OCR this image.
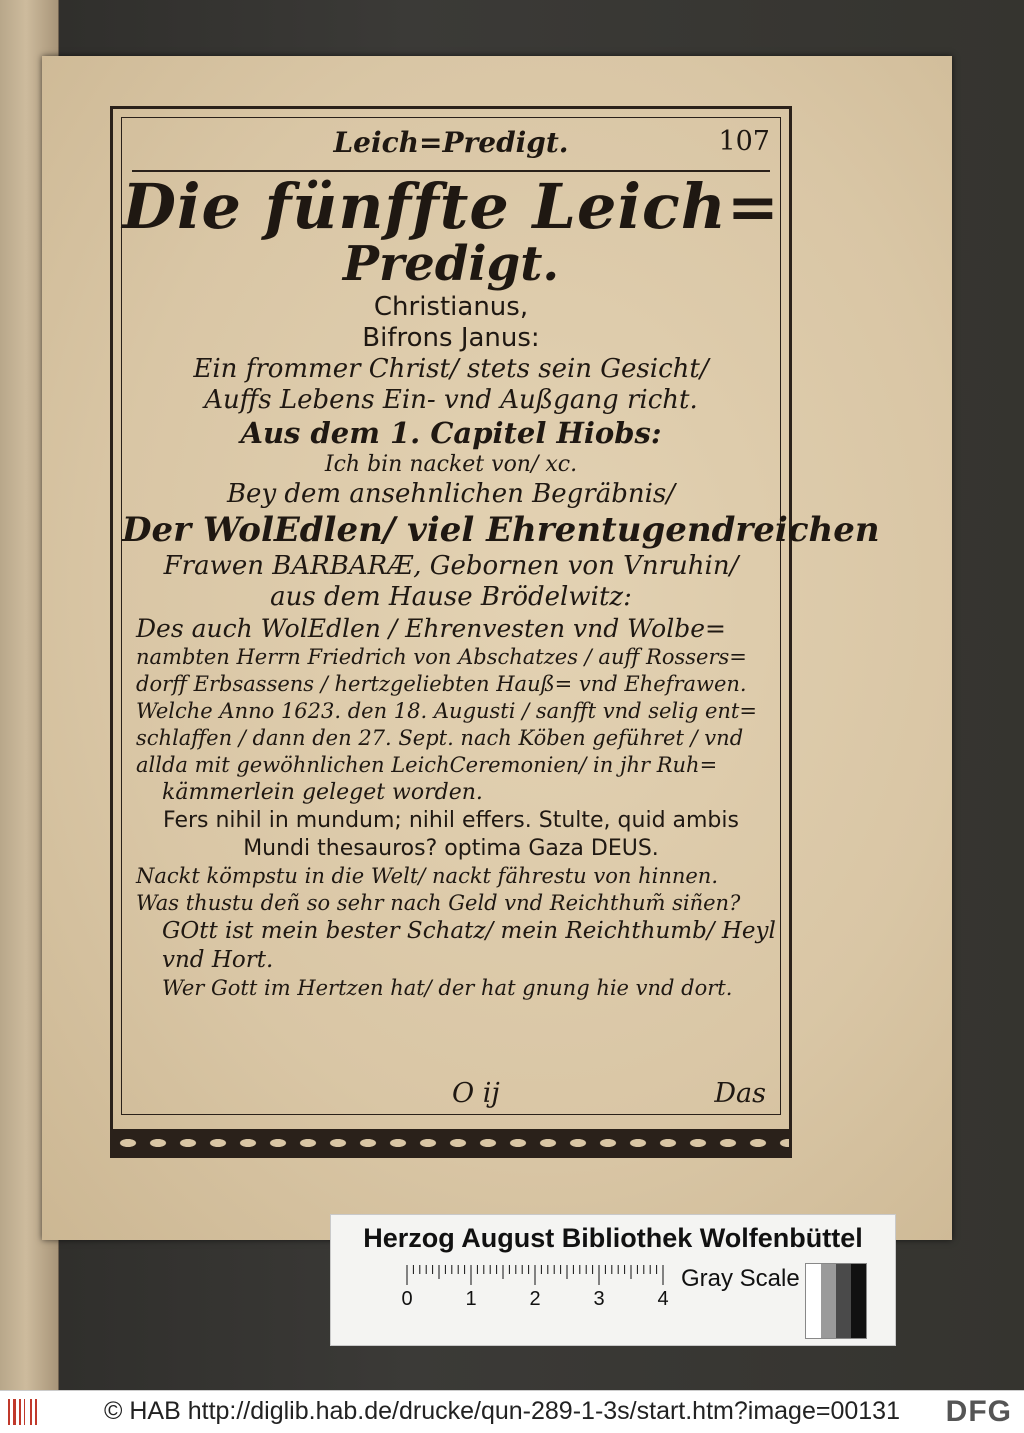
Leich=Predigt.	107
Die fünffte Leich=
Predigt.
Christianus,
Bifrons Janus:
Ein frommer Christ/ stets sein Gesicht/
Auffs Lebens Ein- vnd Außgang richt.
Aus dem 1. Capitel Hiobs:
Ich bin nacket von/ xc.
Bey dem ansehnlichen Begräbnis/
Der WolEdlen/ viel Ehrentugendreichen
Frawen BARBARÆ, Gebornen von Vnruhin/
aus dem Hause Brödelwitz:
Des auch WolEdlen / Ehrenvesten vnd Wolbe=
nambten Herrn Friedrich von Abschatzes / auff Rossers=
dorff Erbsassens / hertzgeliebten Hauß= vnd Ehefrawen.
Welche Anno 1623. den 18. Augusti / sanfft vnd selig ent=
schlaffen / dann den 27. Sept. nach Köben geführet / vnd
allda mit gewöhnlichen LeichCeremonien/ in jhr Ruh=
kämmerlein geleget worden.
Fers nihil in mundum; nihil effers. Stulte, quid ambis
Mundi thesauros? optima Gaza DEUS.
Nackt kömpstu in die Welt/ nackt fährestu von hinnen.
Was thustu deñ so sehr nach Geld vnd Reichthum̃ siñen?
GOtt ist mein bester Schatz/ mein Reichthumb/ Heyl
vnd Hort.
Wer Gott im Hertzen hat/ der hat gnung hie vnd dort.
O ij	Das
Herzog August Bibliothek Wolfenbüttel
0	1	2	3	4
Gray Scale
© HAB http://diglib.hab.de/drucke/qun-289-1-3s/start.htm?image=00131 DFG
